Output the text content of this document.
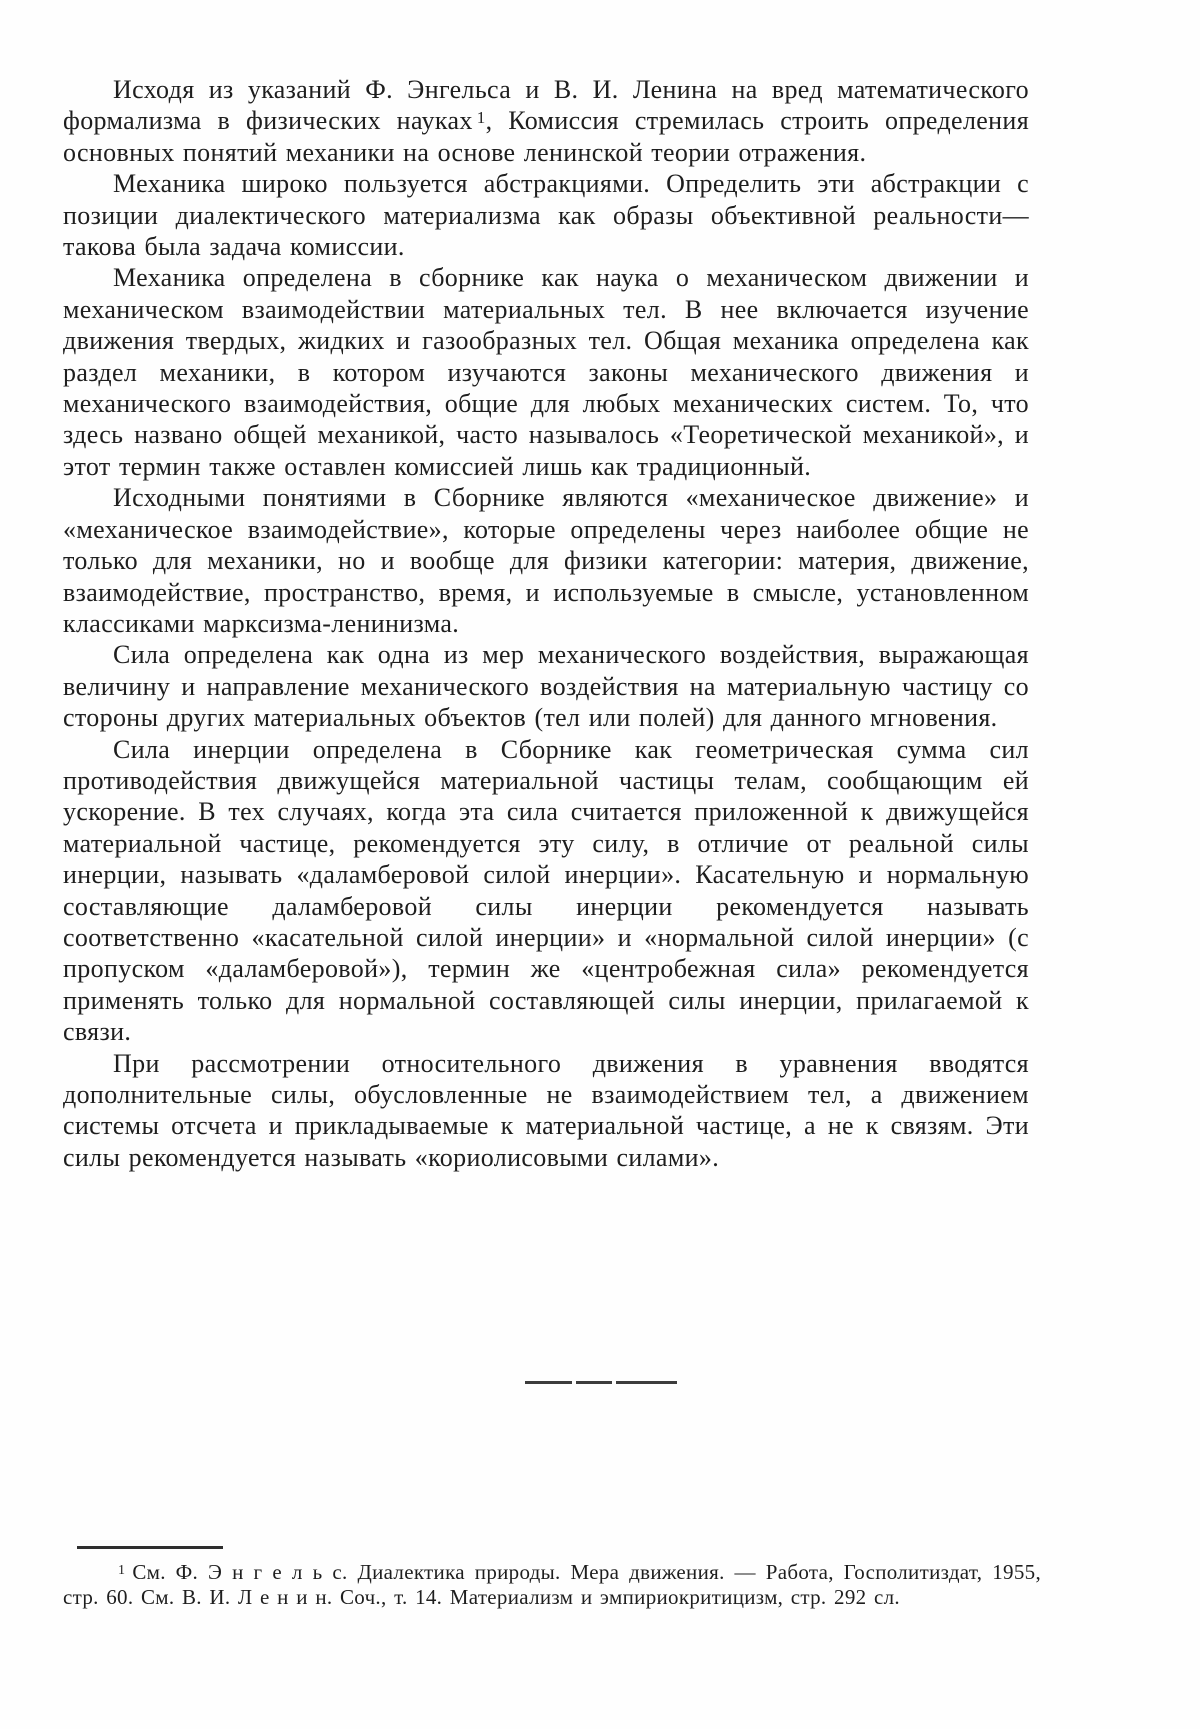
Исходя из указаний Ф. Энгельса и В. И. Ленина на вред математического формализма в физических науках $^1$, Комиссия стремилась строить определения основных понятий механики на основе ленинской теории отражения.

Механика широко пользуется абстракциями. Определить эти абстракции с позиции диалектического материализма как образы объективной реальности—такова была задача комиссии.

Механика определена в сборнике как наука о механическом движении и механическом взаимодействии материальных тел. В нее включается изучение движения твердых, жидких и газообразных тел. Общая механика определена как раздел механики, в котором изучаются законы механического движения и механического взаимодействия, общие для любых механических систем. То, что здесь названо общей механикой, часто называлось «Теоретической механикой», и этот термин также оставлен комиссией лишь как традиционный.

Исходными понятиями в Сборнике являются «механическое движение» и «механическое взаимодействие», которые определены через наиболее общие не только для механики, но и вообще для физики категории: материя, движение, взаимодействие, пространство, время, и используемые в смысле, установленном классиками марксизма-ленинизма.

Сила определена как одна из мер механического воздействия, выражающая величину и направление механического воздействия на материальную частицу со стороны других материальных объектов (тел или полей) для данного мгновения.

Сила инерции определена в Сборнике как геометрическая сумма сил противодействия движущейся материальной частицы телам, сообщающим ей ускорение. В тех случаях, когда эта сила считается приложенной к движущейся материальной частице, рекомендуется эту силу, в отличие от реальной силы инерции, называть «даламберовой силой инерции». Касательную и нормальную составляющие даламберовой силы инерции рекомендуется называть соответственно «касательной силой инерции» и «нормальной силой инерции» (с пропуском «даламберовой»), термин же «центробежная сила» рекомендуется применять только для нормальной составляющей силы инерции, прилагаемой к связи.

При рассмотрении относительного движения в уравнения вводятся дополнительные силы, обусловленные не взаимодействием тел, а движением системы отсчета и прикладываемые к материальной частице, а не к связям. Эти силы рекомендуется называть «кориолисовыми силами».

$^1$ См. Ф. Э н г е л ь с. Диалектика природы. Мера движения. — Работа, Госполитиздат, 1955, стр. 60. См. В. И. Л е н и н. Соч., т. 14. Материализм и эмпириокритицизм, стр. 292 сл.
